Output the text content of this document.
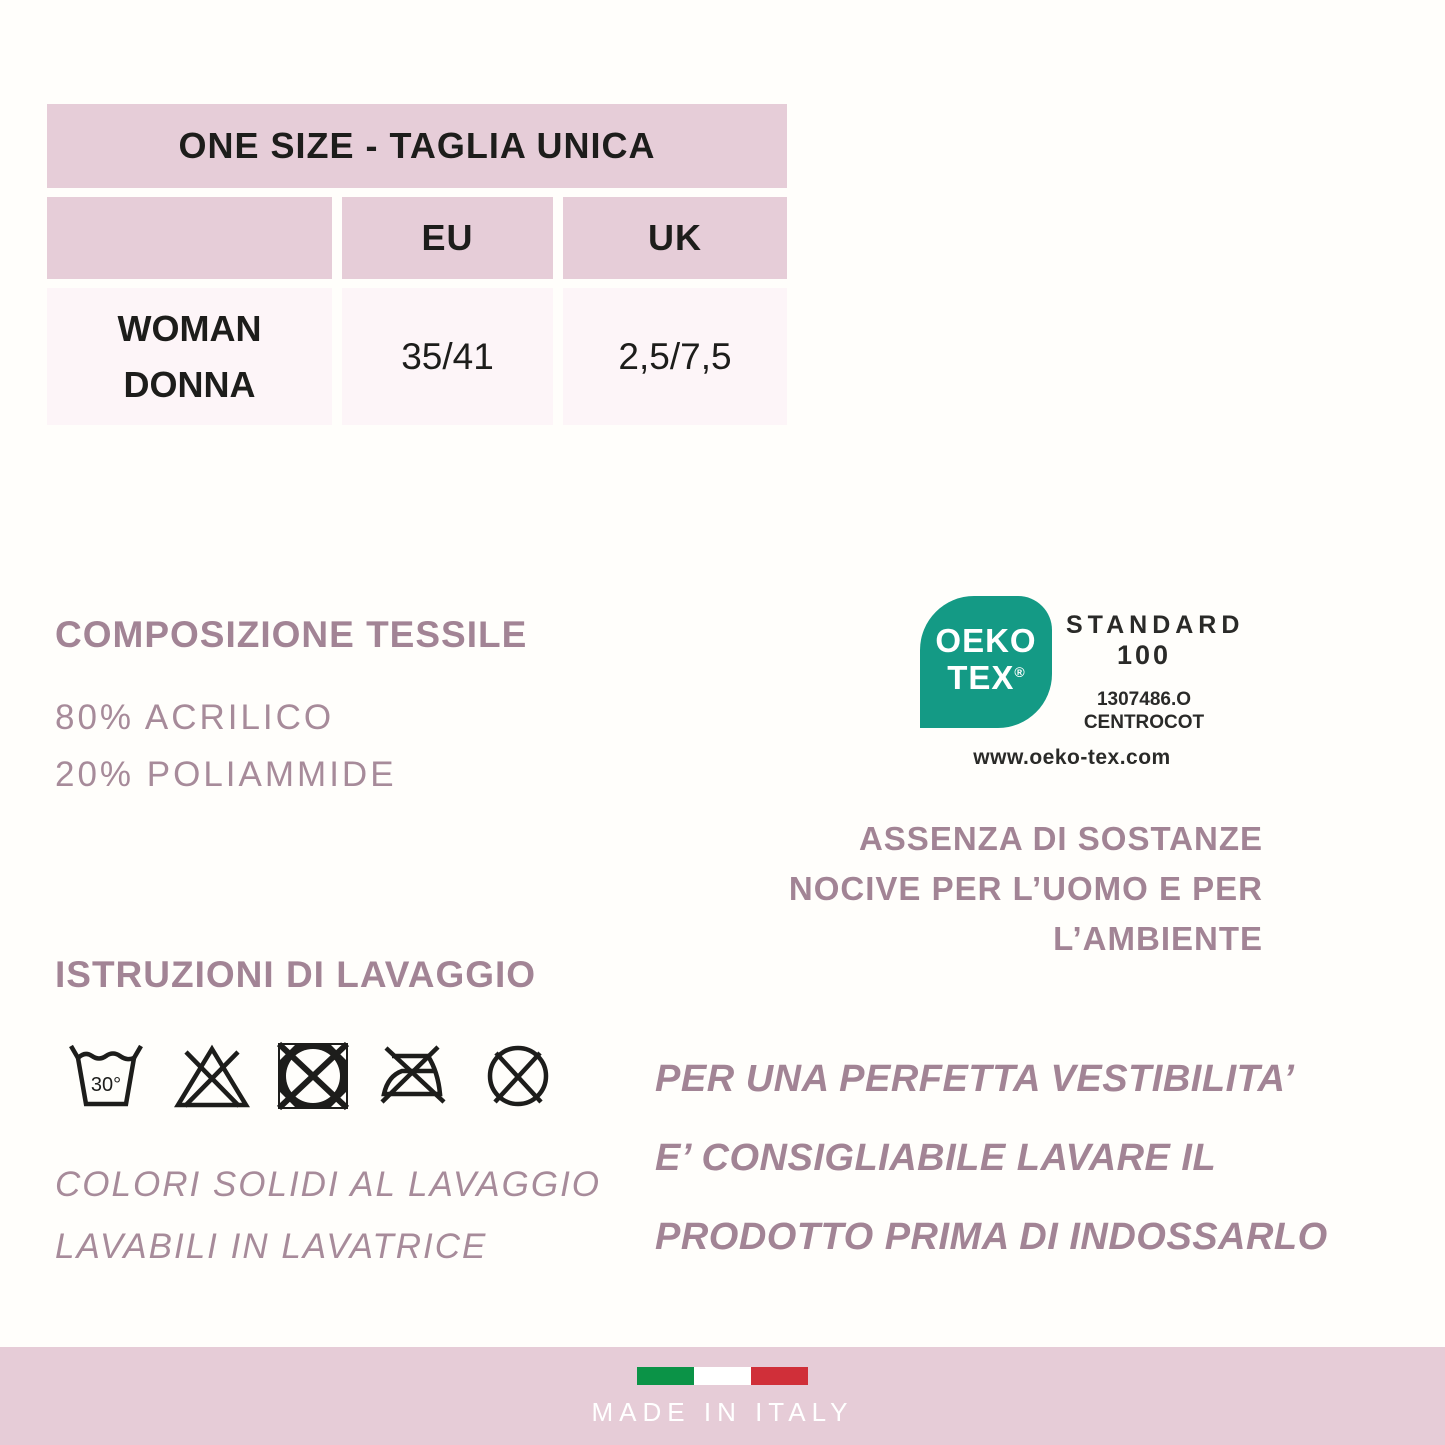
ONE SIZE - TAGLIA UNICA
EU	UK
WOMAN
DONNA
35/41	2,5/7,5
COMPOSIZIONE TESSILE
80% ACRILICO
20% POLIAMMIDE
OEKO
TEX®
STANDARD
100
1307486.O
CENTROCOT
www.oeko-tex.com
ASSENZA DI SOSTANZE
NOCIVE PER L’UOMO E PER
L’AMBIENTE
ISTRUZIONI DI LAVAGGIO
30°
COLORI SOLIDI AL LAVAGGIO
LAVABILI IN LAVATRICE
PER UNA PERFETTA VESTIBILITA’
E’ CONSIGLIABILE LAVARE IL
PRODOTTO PRIMA DI INDOSSARLO
MADE IN ITALY
